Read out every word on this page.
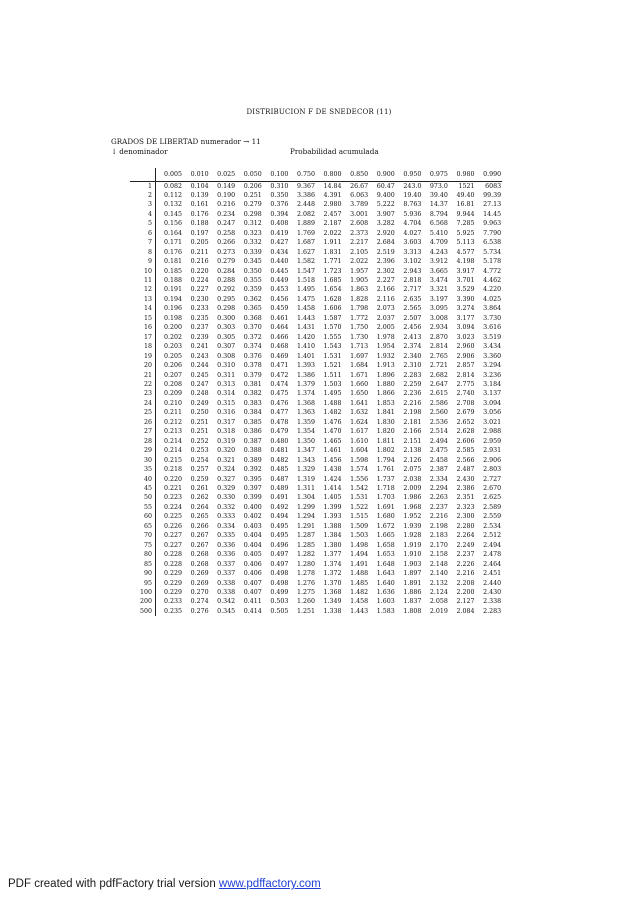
DISTRIBUCION F DE SNEDECOR (11)
GRADOS DE LIBERTAD numerador → 11
↓ denominador	Probabilidad acumulada
	0.005	0.010	0.025	0.050	0.100	0.750	0.800	0.850	0.900	0.950	0.975	0.980	0.990
1	0.082	0.104	0.149	0.206	0.310	9.367	14.84	26.67	60.47	243.0	973.0	1521	6083
2	0.112	0.139	0.190	0.251	0.350	3.386	4.391	6.063	9.400	19.40	39.40	49.40	99.39
3	0.132	0.161	0.216	0.279	0.376	2.448	2.980	3.789	5.222	8.763	14.37	16.81	27.13
4	0.145	0.176	0.234	0.298	0.394	2.082	2.457	3.001	3.907	5.936	8.794	9.944	14.45
5	0.156	0.188	0.247	0.312	0.408	1.889	2.187	2.608	3.282	4.704	6.568	7.285	9.963
6	0.164	0.197	0.258	0.323	0.419	1.769	2.022	2.373	2.920	4.027	5.410	5.925	7.790
7	0.171	0.205	0.266	0.332	0.427	1.687	1.911	2.217	2.684	3.603	4.709	5.113	6.538
8	0.176	0.211	0.273	0.339	0.434	1.627	1.831	2.105	2.519	3.313	4.243	4.577	5.734
9	0.181	0.216	0.279	0.345	0.440	1.582	1.771	2.022	2.396	3.102	3.912	4.198	5.178
10	0.185	0.220	0.284	0.350	0.445	1.547	1.723	1.957	2.302	2.943	3.665	3.917	4.772
11	0.188	0.224	0.288	0.355	0.449	1.518	1.685	1.905	2.227	2.818	3.474	3.701	4.462
12	0.191	0.227	0.292	0.359	0.453	1.495	1.654	1.863	2.166	2.717	3.321	3.529	4.220
13	0.194	0.230	0.295	0.362	0.456	1.475	1.628	1.828	2.116	2.635	3.197	3.390	4.025
14	0.196	0.233	0.298	0.365	0.459	1.458	1.606	1.798	2.073	2.565	3.095	3.274	3.864
15	0.198	0.235	0.300	0.368	0.461	1.443	1.587	1.772	2.037	2.507	3.008	3.177	3.730
16	0.200	0.237	0.303	0.370	0.464	1.431	1.570	1.750	2.005	2.456	2.934	3.094	3.616
17	0.202	0.239	0.305	0.372	0.466	1.420	1.555	1.730	1.978	2.413	2.870	3.023	3.519
18	0.203	0.241	0.307	0.374	0.468	1.410	1.543	1.713	1.954	2.374	2.814	2.960	3.434
19	0.205	0.243	0.308	0.376	0.469	1.401	1.531	1.697	1.932	2.340	2.765	2.906	3.360
20	0.206	0.244	0.310	0.378	0.471	1.393	1.521	1.684	1.913	2.310	2.721	2.857	3.294
21	0.207	0.245	0.311	0.379	0.472	1.386	1.511	1.671	1.896	2.283	2.682	2.814	3.236
22	0.208	0.247	0.313	0.381	0.474	1.379	1.503	1.660	1.880	2.259	2.647	2.775	3.184
23	0.209	0.248	0.314	0.382	0.475	1.374	1.495	1.650	1.866	2.236	2.615	2.740	3.137
24	0.210	0.249	0.315	0.383	0.476	1.368	1.488	1.641	1.853	2.216	2.586	2.708	3.094
25	0.211	0.250	0.316	0.384	0.477	1.363	1.482	1.632	1.841	2.198	2.560	2.679	3.056
26	0.212	0.251	0.317	0.385	0.478	1.359	1.476	1.624	1.830	2.181	2.536	2.652	3.021
27	0.213	0.251	0.318	0.386	0.479	1.354	1.470	1.617	1.820	2.166	2.514	2.628	2.988
28	0.214	0.252	0.319	0.387	0.480	1.350	1.465	1.610	1.811	2.151	2.494	2.606	2.959
29	0.214	0.253	0.320	0.388	0.481	1.347	1.461	1.604	1.802	2.138	2.475	2.585	2.931
30	0.215	0.254	0.321	0.389	0.482	1.343	1.456	1.598	1.794	2.126	2.458	2.566	2.906
35	0.218	0.257	0.324	0.392	0.485	1.329	1.438	1.574	1.761	2.075	2.387	2.487	2.803
40	0.220	0.259	0.327	0.395	0.487	1.319	1.424	1.556	1.737	2.038	2.334	2.430	2.727
45	0.221	0.261	0.329	0.397	0.489	1.311	1.414	1.542	1.718	2.009	2.294	2.386	2.670
50	0.223	0.262	0.330	0.399	0.491	1.304	1.405	1.531	1.703	1.986	2.263	2.351	2.625
55	0.224	0.264	0.332	0.400	0.492	1.299	1.399	1.522	1.691	1.968	2.237	2.323	2.589
60	0.225	0.265	0.333	0.402	0.494	1.294	1.393	1.515	1.680	1.952	2.216	2.300	2.559
65	0.226	0.266	0.334	0.403	0.495	1.291	1.388	1.509	1.672	1.939	2.198	2.280	2.534
70	0.227	0.267	0.335	0.404	0.495	1.287	1.384	1.503	1.665	1.928	2.183	2.264	2.512
75	0.227	0.267	0.336	0.404	0.496	1.285	1.380	1.498	1.658	1.919	2.170	2.249	2.494
80	0.228	0.268	0.336	0.405	0.497	1.282	1.377	1.494	1.653	1.910	2.158	2.237	2.478
85	0.228	0.268	0.337	0.406	0.497	1.280	1.374	1.491	1.648	1.903	2.148	2.226	2.464
90	0.229	0.269	0.337	0.406	0.498	1.278	1.372	1.488	1.643	1.897	2.140	2.216	2.451
95	0.229	0.269	0.338	0.407	0.498	1.276	1.370	1.485	1.640	1.891	2.132	2.208	2.440
100	0.229	0.270	0.338	0.407	0.499	1.275	1.368	1.482	1.636	1.886	2.124	2.200	2.430
200	0.233	0.274	0.342	0.411	0.503	1.260	1.349	1.458	1.603	1.837	2.058	2.127	2.338
500	0.235	0.276	0.345	0.414	0.505	1.251	1.338	1.443	1.583	1.808	2.019	2.084	2.283
PDF created with pdfFactory trial version www.pdffactory.com
